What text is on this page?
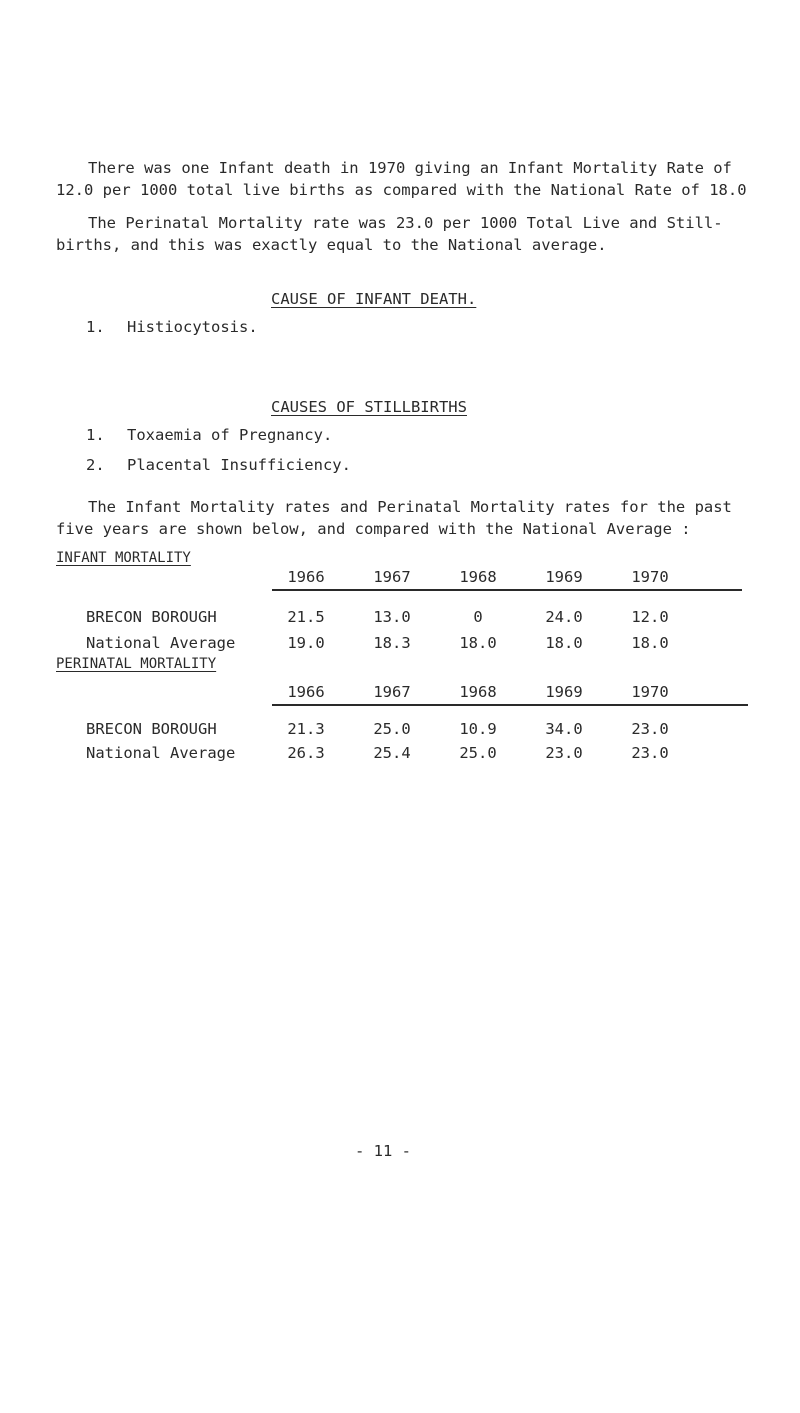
There was one Infant death in 1970 giving an Infant Mortality Rate of
12.0 per 1000 total live births as compared with the National Rate of 18.0
The Perinatal Mortality rate was 23.0 per 1000 Total Live and Still-
births, and this was exactly equal to the National average.
CAUSE OF INFANT DEATH.
1. Histiocytosis.
CAUSES OF STILLBIRTHS
1. Toxaemia of Pregnancy.
2. Placental Insufficiency.
The Infant Mortality rates and Perinatal Mortality rates for the past
five years are shown below, and compared with the National Average :
INFANT MORTALITY
1966	1967	1968	1969	1970
BRECON BOROUGH	21.5	13.0	0	24.0	12.0
National Average	19.0	18.3	18.0	18.0	18.0
PERINATAL MORTALITY
1966	1967	1968	1969	1970
BRECON BOROUGH	21.3	25.0	10.9	34.0	23.0
National Average	26.3	25.4	25.0	23.0	23.0
- 11 -
